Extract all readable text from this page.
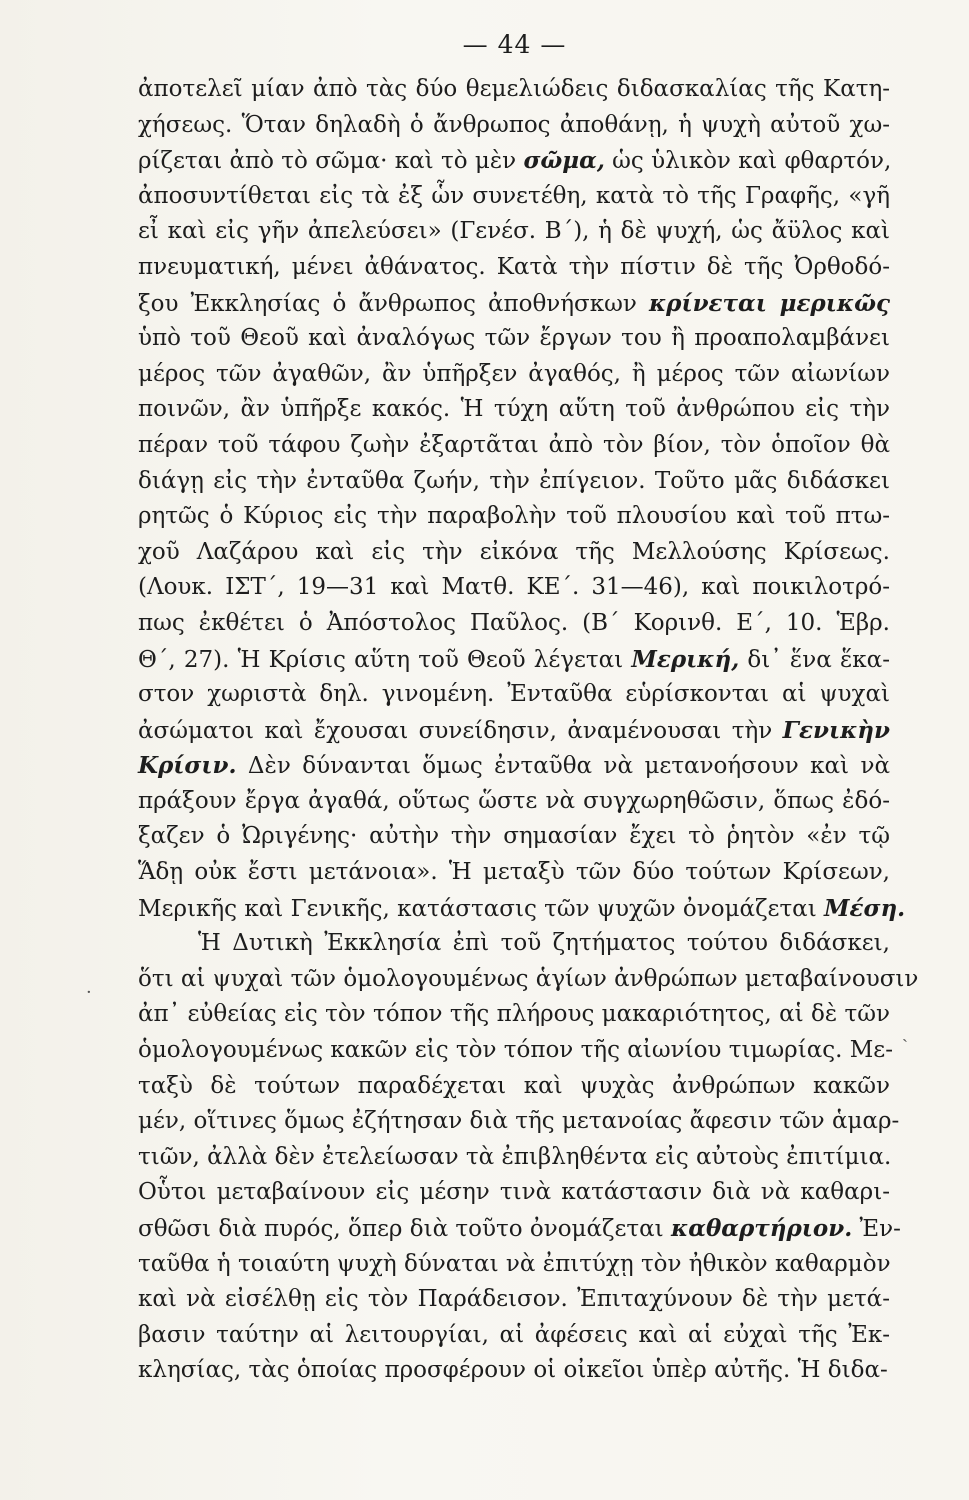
— 44 —
ἀποτελεῖ μίαν ἀπὸ τὰς δύο θεμελιώδεις διδασκαλίας τῆς Κατη-
χήσεως. Ὅταν δηλαδὴ ὁ ἄνθρωπος ἀποθάνῃ, ἡ ψυχὴ αὐτοῦ χω-
ρίζεται ἀπὸ τὸ σῶμα· καὶ τὸ μὲν σῶμα, ὡς ὑλικὸν καὶ φθαρτόν,
ἀποσυντίθεται εἰς τὰ ἐξ ὧν συνετέθη, κατὰ τὸ τῆς Γραφῆς, «γῆ
εἶ καὶ εἰς γῆν ἀπελεύσει» (Γενέσ. Β΄), ἡ δὲ ψυχή, ὡς ἄϋλος καὶ
πνευματική, μένει ἀθάνατος. Κατὰ τὴν πίστιν δὲ τῆς Ὀρθοδό-
ξου Ἐκκλησίας ὁ ἄνθρωπος ἀποθνήσκων κρίνεται μερικῶς
ὑπὸ τοῦ Θεοῦ καὶ ἀναλόγως τῶν ἔργων του ἢ προαπολαμβάνει
μέρος τῶν ἀγαθῶν, ἂν ὑπῆρξεν ἀγαθός, ἢ μέρος τῶν αἰωνίων
ποινῶν, ἂν ὑπῆρξε κακός. Ἡ τύχη αὕτη τοῦ ἀνθρώπου εἰς τὴν
πέραν τοῦ τάφου ζωὴν ἐξαρτᾶται ἀπὸ τὸν βίον, τὸν ὁποῖον θὰ
διάγῃ εἰς τὴν ἐνταῦθα ζωήν, τὴν ἐπίγειον. Τοῦτο μᾶς διδάσκει
ρητῶς ὁ Κύριος εἰς τὴν παραβολὴν τοῦ πλουσίου καὶ τοῦ πτω-
χοῦ Λαζάρου καὶ εἰς τὴν εἰκόνα τῆς Μελλούσης Κρίσεως.
(Λουκ. ΙΣΤ΄, 19—31 καὶ Ματθ. ΚΕ΄. 31—46), καὶ ποικιλοτρό-
πως ἐκθέτει ὁ Ἀπόστολος Παῦλος. (Β΄ Κορινθ. Ε΄, 10. Ἑβρ.
Θ΄, 27). Ἡ Κρίσις αὕτη τοῦ Θεοῦ λέγεται Μερική, δι᾿ ἕνα ἕκα-
στον χωριστὰ δηλ. γινομένη. Ἐνταῦθα εὑρίσκονται αἱ ψυχαὶ
ἀσώματοι καὶ ἔχουσαι συνείδησιν, ἀναμένουσαι τὴν Γενικὴν
Κρίσιν. Δὲν δύνανται ὅμως ἐνταῦθα νὰ μετανοήσουν καὶ νὰ
πράξουν ἔργα ἀγαθά, οὕτως ὥστε νὰ συγχωρηθῶσιν, ὅπως ἐδό-
ξαζεν ὁ Ὠριγένης· αὐτὴν τὴν σημασίαν ἔχει τὸ ῥητὸν «ἐν τῷ
Ἅδῃ οὐκ ἔστι μετάνοια». Ἡ μεταξὺ τῶν δύο τούτων Κρίσεων,
Μερικῆς καὶ Γενικῆς, κατάστασις τῶν ψυχῶν ὀνομάζεται Μέση.
Ἡ Δυτικὴ Ἐκκλησία ἐπὶ τοῦ ζητήματος τούτου διδάσκει,
ὅτι αἱ ψυχαὶ τῶν ὁμολογουμένως ἁγίων ἀνθρώπων μεταβαίνουσιν
ἀπ᾿ εὐθείας εἰς τὸν τόπον τῆς πλήρους μακαριότητος, αἱ δὲ τῶν
ὁμολογουμένως κακῶν εἰς τὸν τόπον τῆς αἰωνίου τιμωρίας. Με-
ταξὺ δὲ τούτων παραδέχεται καὶ ψυχὰς ἀνθρώπων κακῶν
μέν, οἵτινες ὅμως ἐζήτησαν διὰ τῆς μετανοίας ἄφεσιν τῶν ἁμαρ-
τιῶν, ἀλλὰ δὲν ἐτελείωσαν τὰ ἐπιβληθέντα εἰς αὐτοὺς ἐπιτίμια.
Οὗτοι μεταβαίνουν εἰς μέσην τινὰ κατάστασιν διὰ νὰ καθαρι-
σθῶσι διὰ πυρός, ὅπερ διὰ τοῦτο ὀνομάζεται καθαρτήριον. Ἐν-
ταῦθα ἡ τοιαύτη ψυχὴ δύναται νὰ ἐπιτύχῃ τὸν ἠθικὸν καθαρμὸν
καὶ νὰ εἰσέλθῃ εἰς τὸν Παράδεισον. Ἐπιταχύνουν δὲ τὴν μετά-
βασιν ταύτην αἱ λειτουργίαι, αἱ ἀφέσεις καὶ αἱ εὐχαὶ τῆς Ἐκ-
κλησίας, τὰς ὁποίας προσφέρουν οἱ οἰκεῖοι ὑπὲρ αὐτῆς. Ἡ διδα-
·
ˏ
